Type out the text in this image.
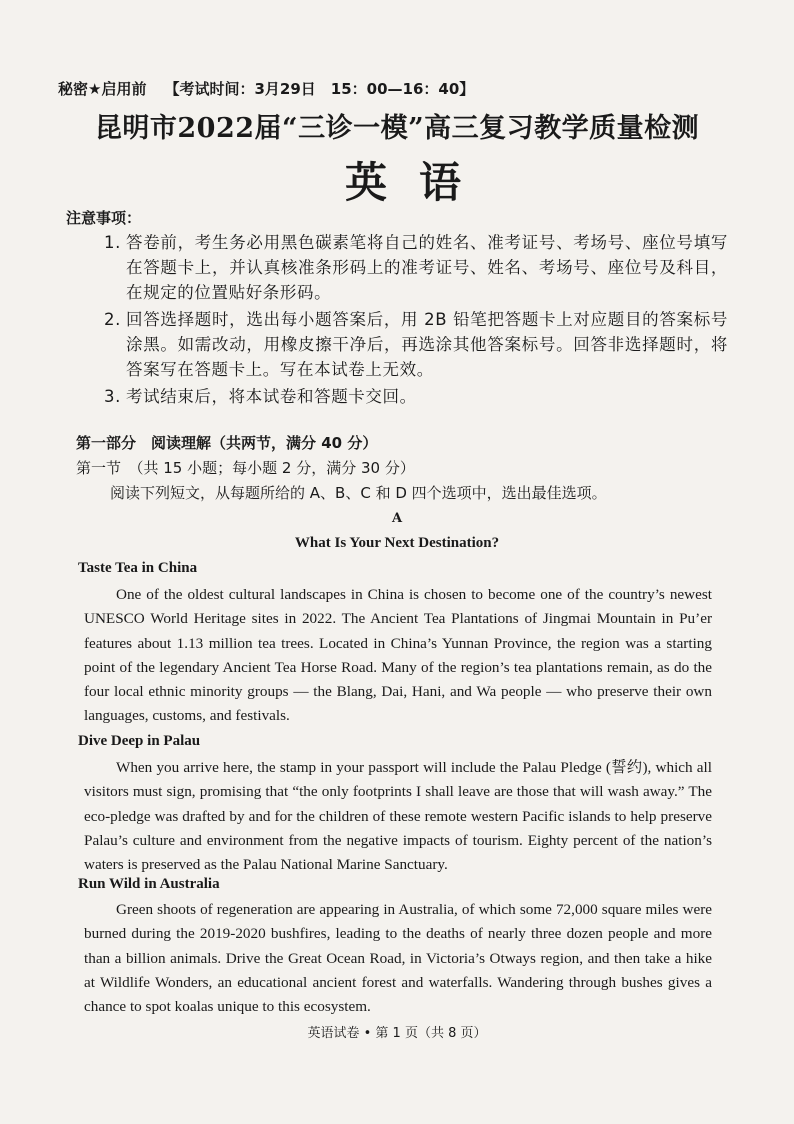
秘密★启用前 【考试时间：3月29日　15：00—16：40】
昆明市2022届“三诊一模”高三复习教学质量检测
英语
注意事项：
1. 答卷前，考生务必用黑色碳素笔将自己的姓名、准考证号、考场号、座位号填写在答题卡上，并认真核准条形码上的准考证号、姓名、考场号、座位号及科目，在规定的位置贴好条形码。
2. 回答选择题时，选出每小题答案后，用 2B 铅笔把答题卡上对应题目的答案标号涂黑。如需改动，用橡皮擦干净后，再选涂其他答案标号。回答非选择题时，将答案写在答题卡上。写在本试卷上无效。
3. 考试结束后，将本试卷和答题卡交回。
第一部分　阅读理解（共两节，满分 40 分）
第一节　（共 15 小题；每小题 2 分，满分 30 分）
阅读下列短文，从每题所给的 A、B、C 和 D 四个选项中，选出最佳选项。
A
What Is Your Next Destination?
Taste Tea in China
One of the oldest cultural landscapes in China is chosen to become one of the country’s newest UNESCO World Heritage sites in 2022. The Ancient Tea Plantations of Jingmai Mountain in Pu’er features about 1.13 million tea trees. Located in China’s Yunnan Province, the region was a starting point of the legendary Ancient Tea Horse Road. Many of the region’s tea plantations remain, as do the four local ethnic minority groups — the Blang, Dai, Hani, and Wa people — who preserve their own languages, customs, and festivals.
Dive Deep in Palau
When you arrive here, the stamp in your passport will include the Palau Pledge (誓约), which all visitors must sign, promising that “the only footprints I shall leave are those that will wash away.” The eco-pledge was drafted by and for the children of these remote western Pacific islands to help preserve Palau’s culture and environment from the negative impacts of tourism. Eighty percent of the nation’s waters is preserved as the Palau National Marine Sanctuary.
Run Wild in Australia
Green shoots of regeneration are appearing in Australia, of which some 72,000 square miles were burned during the 2019-2020 bushfires, leading to the deaths of nearly three dozen people and more than a billion animals. Drive the Great Ocean Road, in Victoria’s Otways region, and then take a hike at Wildlife Wonders, an educational ancient forest and waterfalls. Wandering through bushes gives a chance to spot koalas unique to this ecosystem.
英语试卷 • 第 1 页（共 8 页）
